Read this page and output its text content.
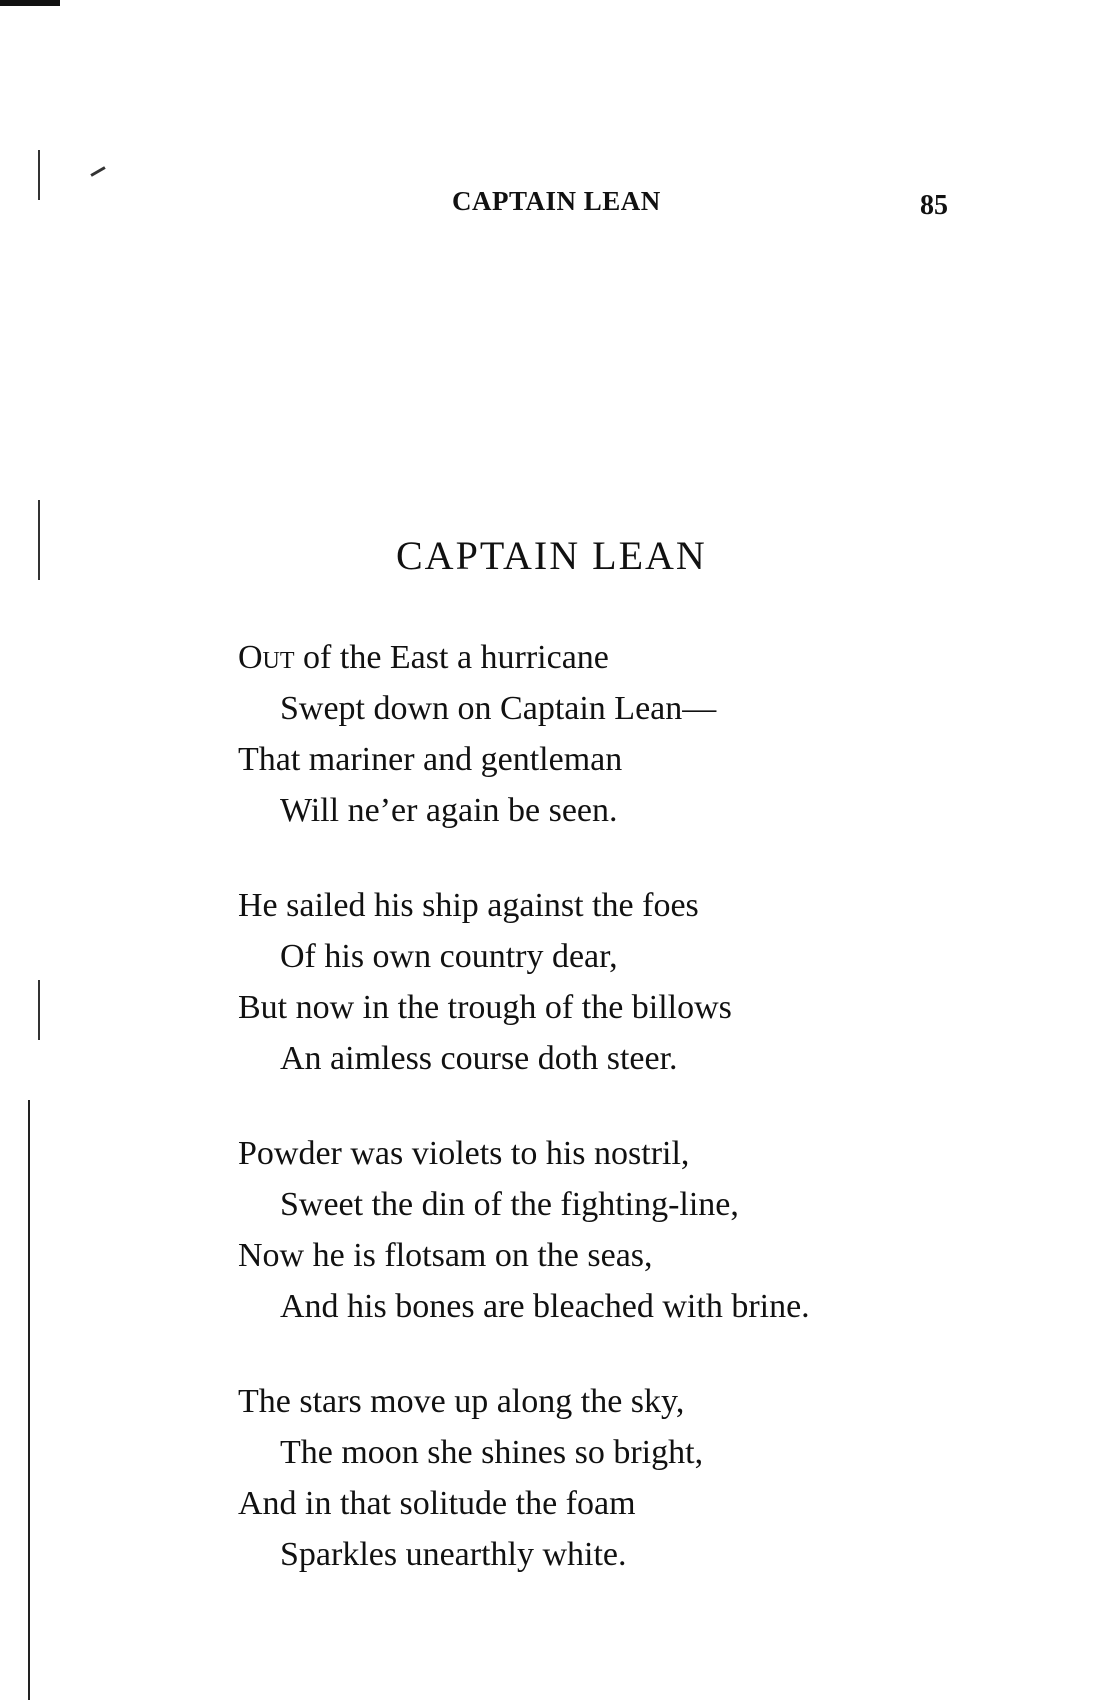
CAPTAIN LEAN	85
CAPTAIN LEAN
Out of the East a hurricane
Swept down on Captain Lean—
That mariner and gentleman
Will ne’er again be seen.
He sailed his ship against the foes
Of his own country dear,
But now in the trough of the billows
An aimless course doth steer.
Powder was violets to his nostril,
Sweet the din of the fighting-line,
Now he is flotsam on the seas,
And his bones are bleached with brine.
The stars move up along the sky,
The moon she shines so bright,
And in that solitude the foam
Sparkles unearthly white.
